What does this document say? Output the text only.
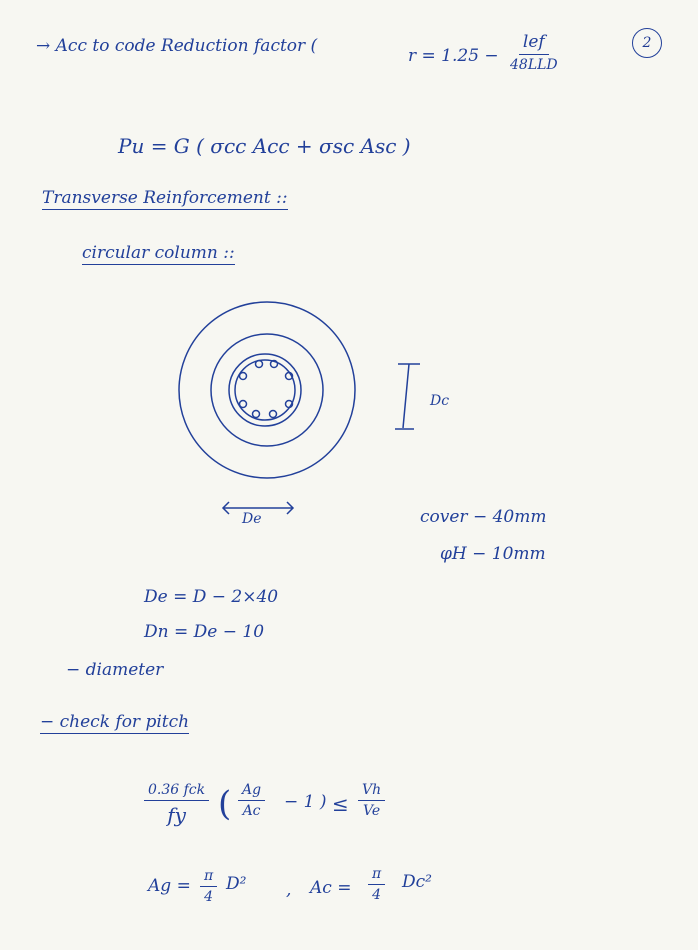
2
→ Acc to code Reduction factor (	r = 1.25 −
lef
48LLD
Pu = G ( σcc Acc + σsc Asc )
Transverse Reinforcement ::
circular column ::
Dc
De	cover − 40mm
φH − 10mm
De = D − 2×40
Dn = De − 10
− diameter
− check for pitch
0.36 fck
fy ( $\frac{Ag}{Ac} - 1$ ) ≤ $\frac{Vh}{Ve}$
$Ag = \frac{\pi}{4} D^2$ , $Ac = \frac{\pi}{4} Dc^2$
